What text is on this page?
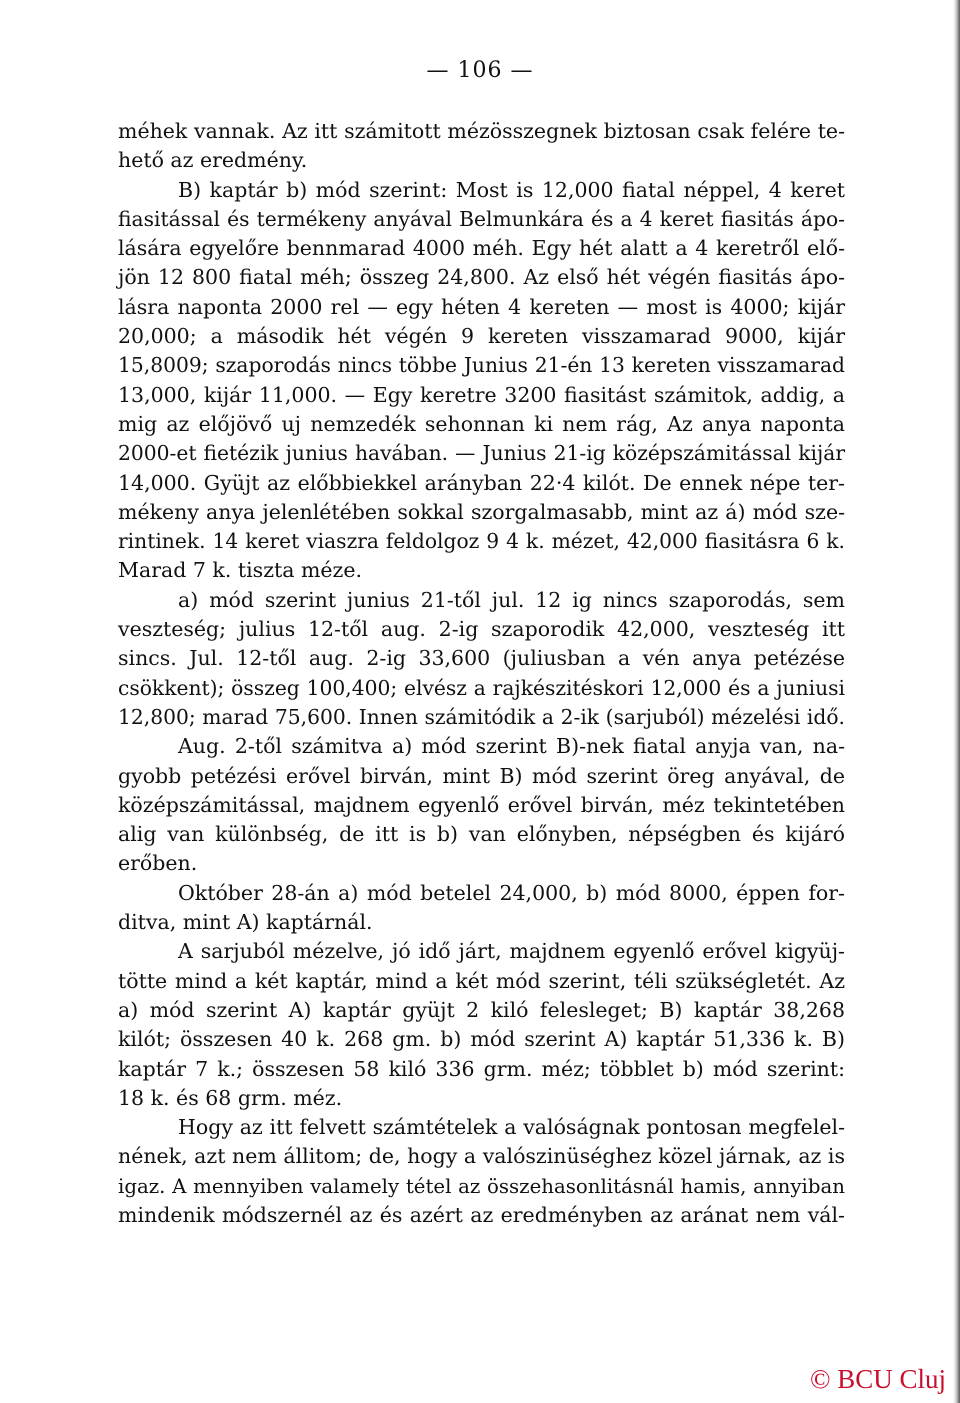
— 106 —
méhek vannak. Az itt számitott mézösszegnek biztosan csak felére te-
hető az eredmény.
B) kaptár b) mód szerint: Most is 12,000 fiatal néppel, 4 keret
fiasitással és termékeny anyával Belmunkára és a 4 keret fiasitás ápo-
lására egyelőre bennmarad 4000 méh. Egy hét alatt a 4 keretről elő-
jön 12 800 fiatal méh; összeg 24,800. Az első hét végén fiasitás ápo-
lásra naponta 2000 rel — egy héten 4 kereten — most is 4000; kijár
20,000; a második hét végén 9 kereten visszamarad 9000, kijár
15,8009; szaporodás nincs többe Junius 21-én 13 kereten visszamarad
13,000, kijár 11,000. — Egy keretre 3200 fiasitást számitok, addig, a
mig az előjövő uj nemzedék sehonnan ki nem rág, Az anya naponta
2000-et fietézik junius havában. — Junius 21-ig középszámitással kijár
14,000. Gyüjt az előbbiekkel arányban 22·4 kilót. De ennek népe ter-
mékeny anya jelenlétében sokkal szorgalmasabb, mint az á) mód sze-
rintinek. 14 keret viaszra feldolgoz 9 4 k. mézet, 42,000 fiasitásra 6 k.
Marad 7 k. tiszta méze.
a) mód szerint junius 21-től jul. 12 ig nincs szaporodás, sem
veszteség; julius 12-től aug. 2-ig szaporodik 42,000, veszteség itt
sincs. Jul. 12-től aug. 2-ig 33,600 (juliusban a vén anya petézése
csökkent); összeg 100,400; elvész a rajkészitéskori 12,000 és a juniusi
12,800; marad 75,600. Innen számitódik a 2-ik (sarjuból) mézelési idő.
Aug. 2-től számitva a) mód szerint B)-nek fiatal anyja van, na-
gyobb petézési erővel birván, mint B) mód szerint öreg anyával, de
középszámitással, majdnem egyenlő erővel birván, méz tekintetében
alig van különbség, de itt is b) van előnyben, népségben és kijáró
erőben.
Október 28-án a) mód betelel 24,000, b) mód 8000, éppen for-
ditva, mint A) kaptárnál.
A sarjuból mézelve, jó idő járt, majdnem egyenlő erővel kigyüj-
tötte mind a két kaptár, mind a két mód szerint, téli szükségletét. Az
a) mód szerint A) kaptár gyüjt 2 kiló felesleget; B) kaptár 38,268
kilót; összesen 40 k. 268 gm. b) mód szerint A) kaptár 51,336 k. B)
kaptár 7 k.; összesen 58 kiló 336 grm. méz; többlet b) mód szerint:
18 k. és 68 grm. méz.
Hogy az itt felvett számtételek a valóságnak pontosan megfelel-
nének, azt nem állitom; de, hogy a valószinüséghez közel járnak, az is
igaz. A mennyiben valamely tétel az összehasonlitásnál hamis, annyiban
mindenik módszernél az és azért az eredményben az aránat nem vál-
© BCU Cluj
